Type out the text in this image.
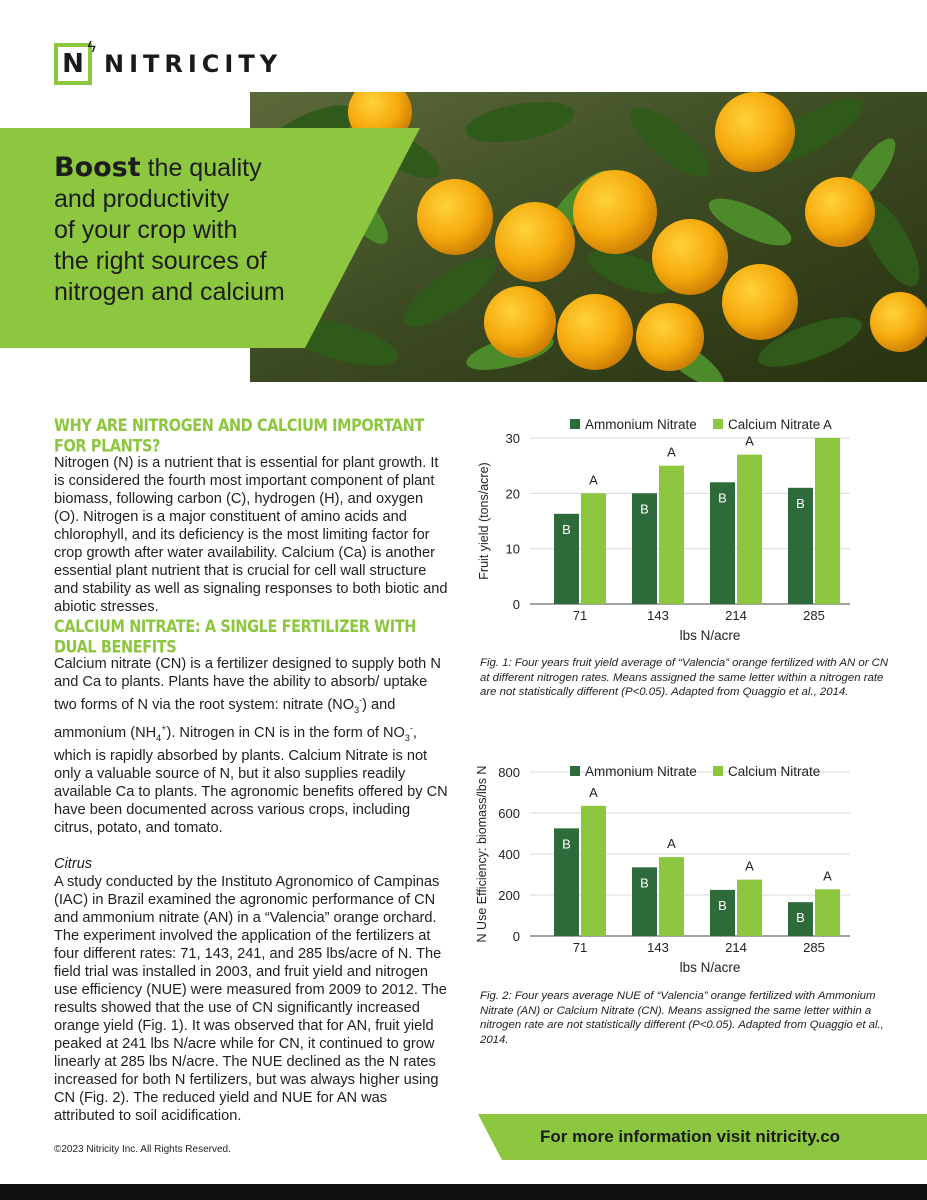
N
ϟ
NITRICITY
Boost the quality
and productivity
of your crop with
the right sources of
nitrogen and calcium
WHY ARE NITROGEN AND CALCIUM IMPORTANT FOR PLANTS?

Nitrogen (N) is a nutrient that is essential for plant growth. It is considered the fourth most important component of plant biomass, following carbon (C), hydrogen (H), and oxygen (O). Nitrogen is a major constituent of amino acids and chlorophyll, and its deficiency is the most limiting factor for crop growth after water availability. Calcium (Ca) is another essential plant nutrient that is crucial for cell wall structure and stability as well as signaling responses to both biotic and abiotic stresses.

CALCIUM NITRATE: A SINGLE FERTILIZER WITH DUAL BENEFITS

Calcium nitrate (CN) is a fertilizer designed to supply both N and Ca to plants. Plants have the ability to absorb/ uptake two forms of N via the root system: nitrate $(NO_3^-)$ and ammonium $(NH_4^+)$. Nitrogen in CN is in the form of $NO_3^-$, which is rapidly absorbed by plants. Calcium Nitrate is not only a valuable source of N, but it also supplies readily available Ca to plants. The agronomic benefits offered by CN have been documented across various crops, including citrus, potato, and tomato.

Citrus

A study conducted by the Instituto Agronomico of Campinas (IAC) in Brazil examined the agronomic performance of CN and ammonium nitrate (AN) in a “Valencia” orange orchard. The experiment involved the application of the fertilizers at four different rates: 71, 143, 241, and 285 lbs/acre of N. The field trial was installed in 2003, and fruit yield and nitrogen use efficiency (NUE) were measured from 2009 to 2012. The results showed that the use of CN significantly increased orange yield (Fig. 1). It was observed that for AN, fruit yield peaked at 241 lbs N/acre while for CN, it continued to grow linearly at 285 lbs N/acre. The NUE declined as the N rates increased for both N fertilizers, but was always higher using CN (Fig. 2). The reduced yield and NUE for AN was attributed to soil acidification.

0
10
20
30
Fruit yield (tons/acre)
Ammonium Nitrate Calcium Nitrate
B
A
71
B
A
143
B
A
214
B
A
285
lbs N/acre
Fig. 1: Four years fruit yield average of “Valencia” orange fertilized with AN or CN at different nitrogen rates. Means assigned the same letter within a nitrogen rate are not statistically different (P<0.05). Adapted from Quaggio et al., 2014.
0
200
400
600
800
N Use Efficiency: biomass/lbs N	Ammonium Nitrate Calcium Nitrate
B
A
71
B
A
143
B
A
214
B
A
285
lbs N/acre
Fig. 2: Four years average NUE of “Valencia” orange fertilized with Ammonium Nitrate (AN) or Calcium Nitrate (CN). Means assigned the same letter within a nitrogen rate are not statistically different (P<0.05). Adapted from Quaggio et al., 2014.
©2023 Nitricity Inc. All Rights Reserved.
For more information visit nitricity.co
